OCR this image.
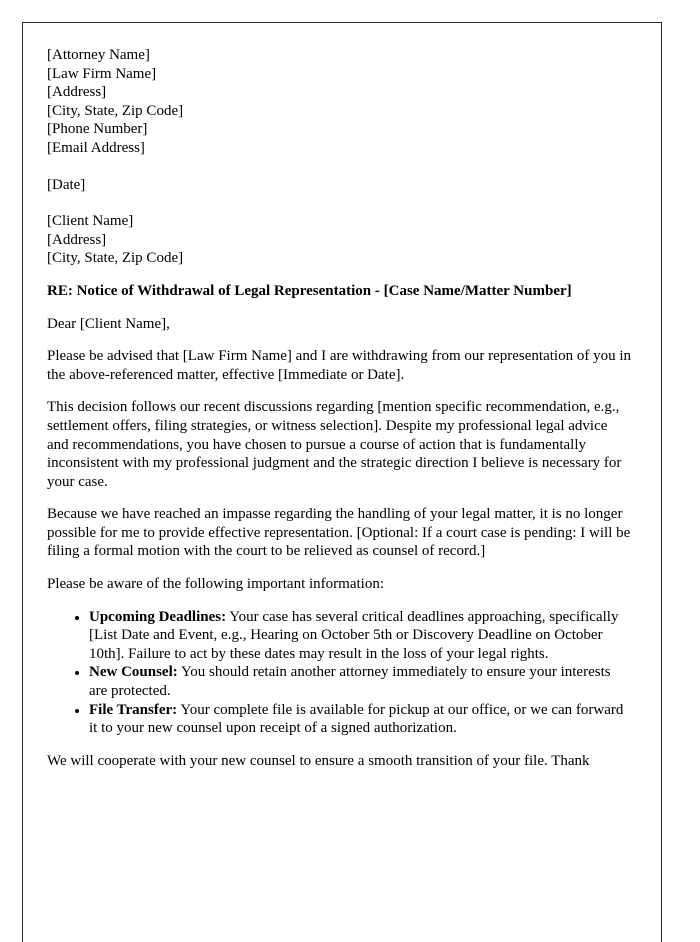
[Attorney Name]
[Law Firm Name]
[Address]
[City, State, Zip Code]
[Phone Number]
[Email Address]
[Date]
[Client Name]
[Address]
[City, State, Zip Code]
RE: Notice of Withdrawal of Legal Representation - [Case Name/Matter Number]

Dear [Client Name],

Please be advised that [Law Firm Name] and I are withdrawing from our representation of you in the above-referenced matter, effective [Immediate or Date].

This decision follows our recent discussions regarding [mention specific recommendation, e.g., settlement offers, filing strategies, or witness selection]. Despite my professional legal advice and recommendations, you have chosen to pursue a course of action that is fundamentally inconsistent with my professional judgment and the strategic direction I believe is necessary for your case.

Because we have reached an impasse regarding the handling of your legal matter, it is no longer possible for me to provide effective representation. [Optional: If a court case is pending: I will be filing a formal motion with the court to be relieved as counsel of record.]

Please be aware of the following important information:

• Upcoming Deadlines: Your case has several critical deadlines approaching, specifically [List Date and Event, e.g., Hearing on October 5th or Discovery Deadline on October 10th]. Failure to act by these dates may result in the loss of your legal rights.
• New Counsel: You should retain another attorney immediately to ensure your interests are protected.
• File Transfer: Your complete file is available for pickup at our office, or we can forward it to your new counsel upon receipt of a signed authorization.

We will cooperate with your new counsel to ensure a smooth transition of your file. Thank
